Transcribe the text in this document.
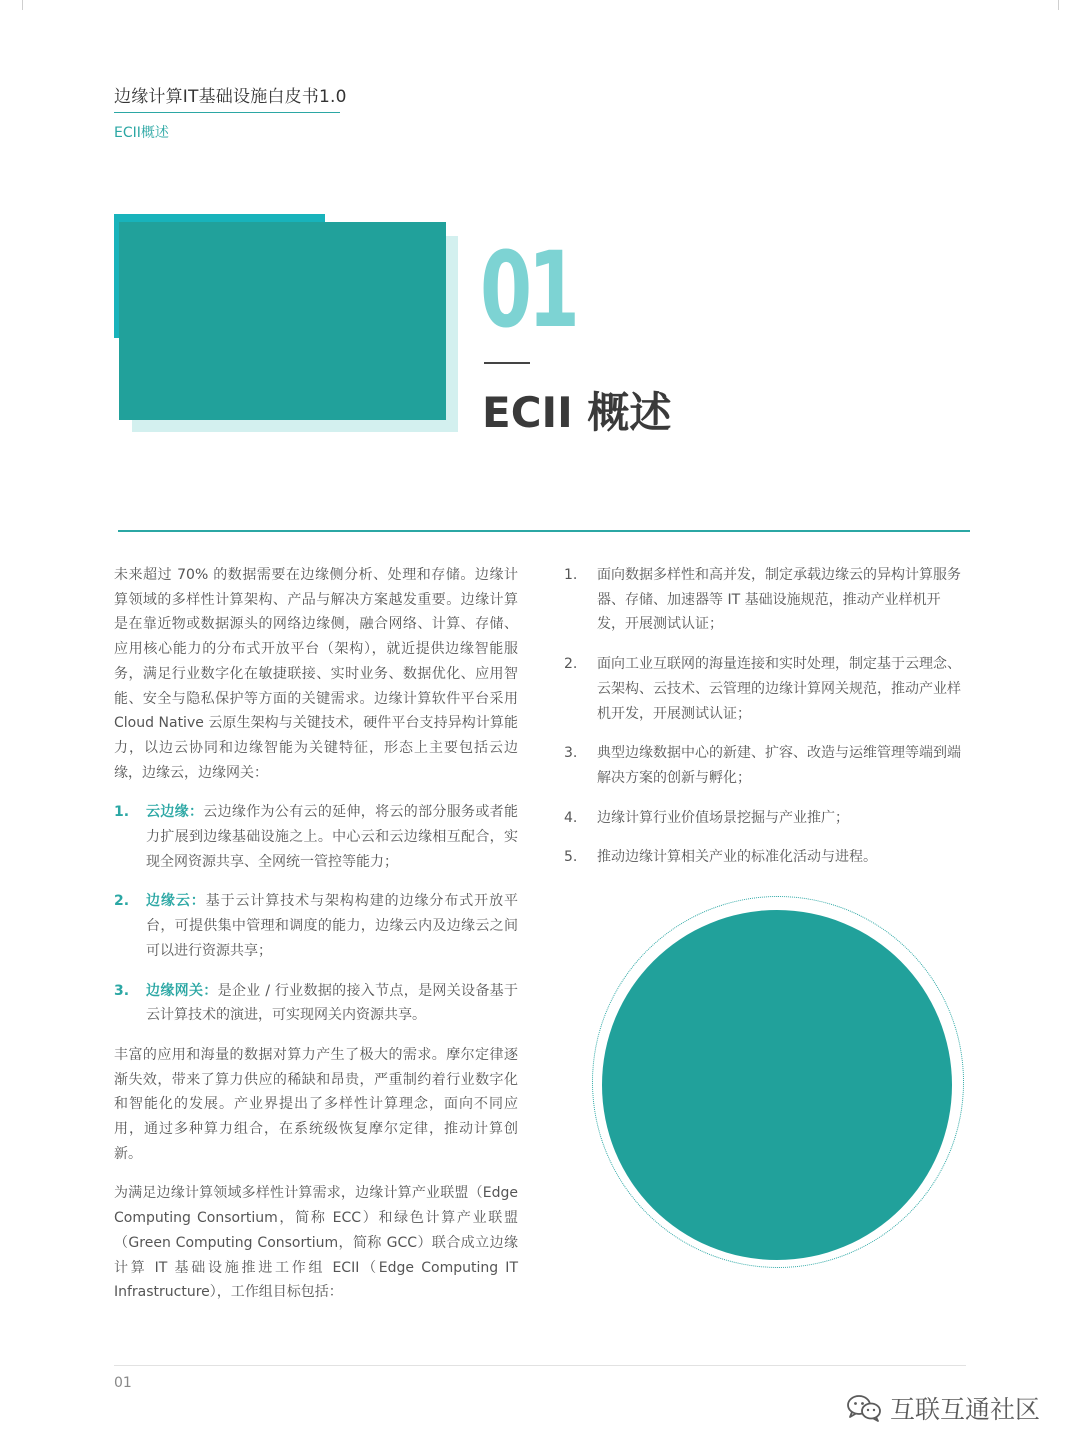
边缘计算IT基础设施白皮书1.0
ECII概述
01
ECII 概述

未来超过 70% 的数据需要在边缘侧分析、处理和存储。边缘计算领域的多样性计算架构、产品与解决方案越发重要。边缘计算是在靠近物或数据源头的网络边缘侧，融合网络、计算、存储、应用核心能力的分布式开放平台（架构），就近提供边缘智能服务，满足行业数字化在敏捷联接、实时业务、数据优化、应用智能、安全与隐私保护等方面的关键需求。边缘计算软件平台采用 Cloud Native 云原生架构与关键技术，硬件平台支持异构计算能力，以边云协同和边缘智能为关键特征，形态上主要包括云边缘，边缘云，边缘网关：

1. 云边缘：云边缘作为公有云的延伸，将云的部分服务或者能力扩展到边缘基础设施之上。中心云和云边缘相互配合，实现全网资源共享、全网统一管控等能力；
2. 边缘云：基于云计算技术与架构构建的边缘分布式开放平台，可提供集中管理和调度的能力，边缘云内及边缘云之间可以进行资源共享；
3. 边缘网关：是企业 / 行业数据的接入节点，是网关设备基于云计算技术的演进，可实现网关内资源共享。

丰富的应用和海量的数据对算力产生了极大的需求。摩尔定律逐渐失效，带来了算力供应的稀缺和昂贵，严重制约着行业数字化和智能化的发展。产业界提出了多样性计算理念，面向不同应用，通过多种算力组合，在系统级恢复摩尔定律，推动计算创新。

为满足边缘计算领域多样性计算需求，边缘计算产业联盟（Edge Computing Consortium，简称 ECC）和绿色计算产业联盟（Green Computing Consortium，简称 GCC）联合成立边缘计算 IT 基础设施推进工作组 ECII（Edge Computing IT Infrastructure），工作组目标包括：

1. 面向数据多样性和高并发，制定承载边缘云的异构计算服务器、存储、加速器等 IT 基础设施规范，推动产业样机开发，开展测试认证；
2. 面向工业互联网的海量连接和实时处理，制定基于云理念、云架构、云技术、云管理的边缘计算网关规范，推动产业样机开发，开展测试认证；
3. 典型边缘数据中心的新建、扩容、改造与运维管理等端到端解决方案的创新与孵化；
4. 边缘计算行业价值场景挖掘与产业推广；
5. 推动边缘计算相关产业的标准化活动与进程。
01
互联互通社区
